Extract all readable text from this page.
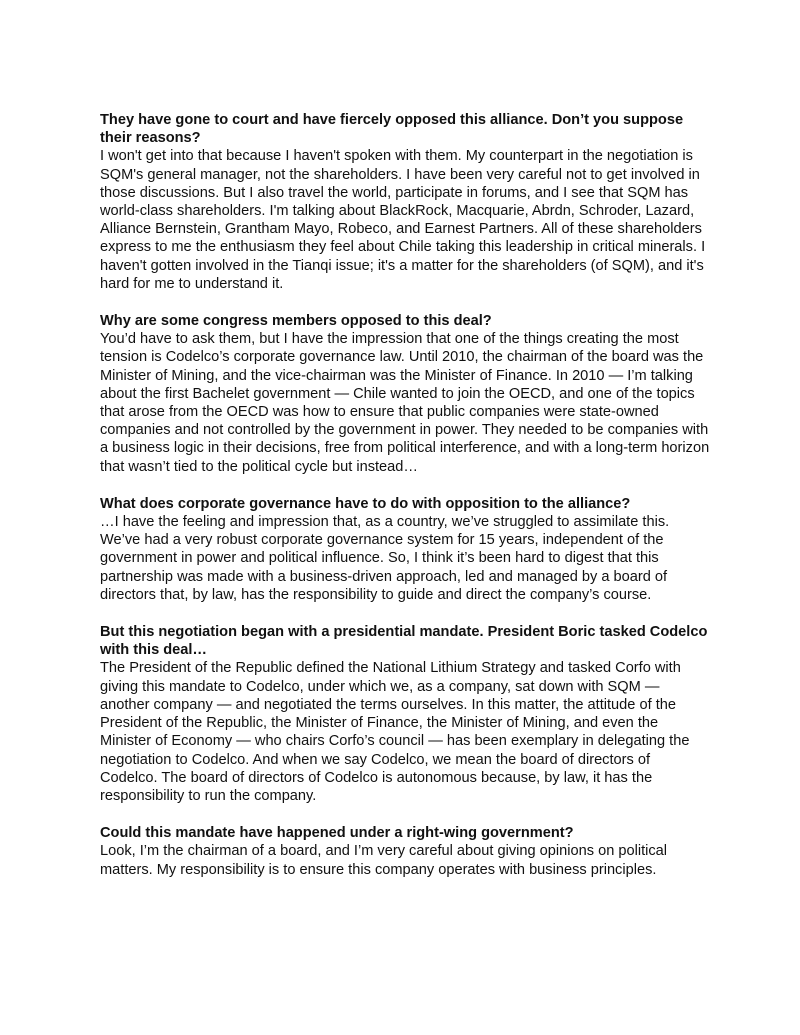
They have gone to court and have fiercely opposed this alliance. Don’t you suppose their reasons?

I won't get into that because I haven't spoken with them. My counterpart in the negotiation is SQM's general manager, not the shareholders. I have been very careful not to get involved in those discussions. But I also travel the world, participate in forums, and I see that SQM has world-class shareholders. I'm talking about BlackRock, Macquarie, Abrdn, Schroder, Lazard, Alliance Bernstein, Grantham Mayo, Robeco, and Earnest Partners. All of these shareholders express to me the enthusiasm they feel about Chile taking this leadership in critical minerals. I haven't gotten involved in the Tianqi issue; it's a matter for the shareholders (of SQM), and it's hard for me to understand it.

Why are some congress members opposed to this deal?

You’d have to ask them, but I have the impression that one of the things creating the most tension is Codelco’s corporate governance law. Until 2010, the chairman of the board was the Minister of Mining, and the vice-chairman was the Minister of Finance. In 2010 — I’m talking about the first Bachelet government — Chile wanted to join the OECD, and one of the topics that arose from the OECD was how to ensure that public companies were state-owned companies and not controlled by the government in power. They needed to be companies with a business logic in their decisions, free from political interference, and with a long-term horizon that wasn’t tied to the political cycle but instead…

What does corporate governance have to do with opposition to the alliance?

…I have the feeling and impression that, as a country, we’ve struggled to assimilate this. We’ve had a very robust corporate governance system for 15 years, independent of the government in power and political influence. So, I think it’s been hard to digest that this partnership was made with a business-driven approach, led and managed by a board of directors that, by law, has the responsibility to guide and direct the company’s course.

But this negotiation began with a presidential mandate. President Boric tasked Codelco with this deal…

The President of the Republic defined the National Lithium Strategy and tasked Corfo with giving this mandate to Codelco, under which we, as a company, sat down with SQM — another company — and negotiated the terms ourselves. In this matter, the attitude of the President of the Republic, the Minister of Finance, the Minister of Mining, and even the Minister of Economy — who chairs Corfo’s council — has been exemplary in delegating the negotiation to Codelco. And when we say Codelco, we mean the board of directors of Codelco. The board of directors of Codelco is autonomous because, by law, it has the responsibility to run the company.

Could this mandate have happened under a right-wing government?

Look, I’m the chairman of a board, and I’m very careful about giving opinions on political matters. My responsibility is to ensure this company operates with business principles.
